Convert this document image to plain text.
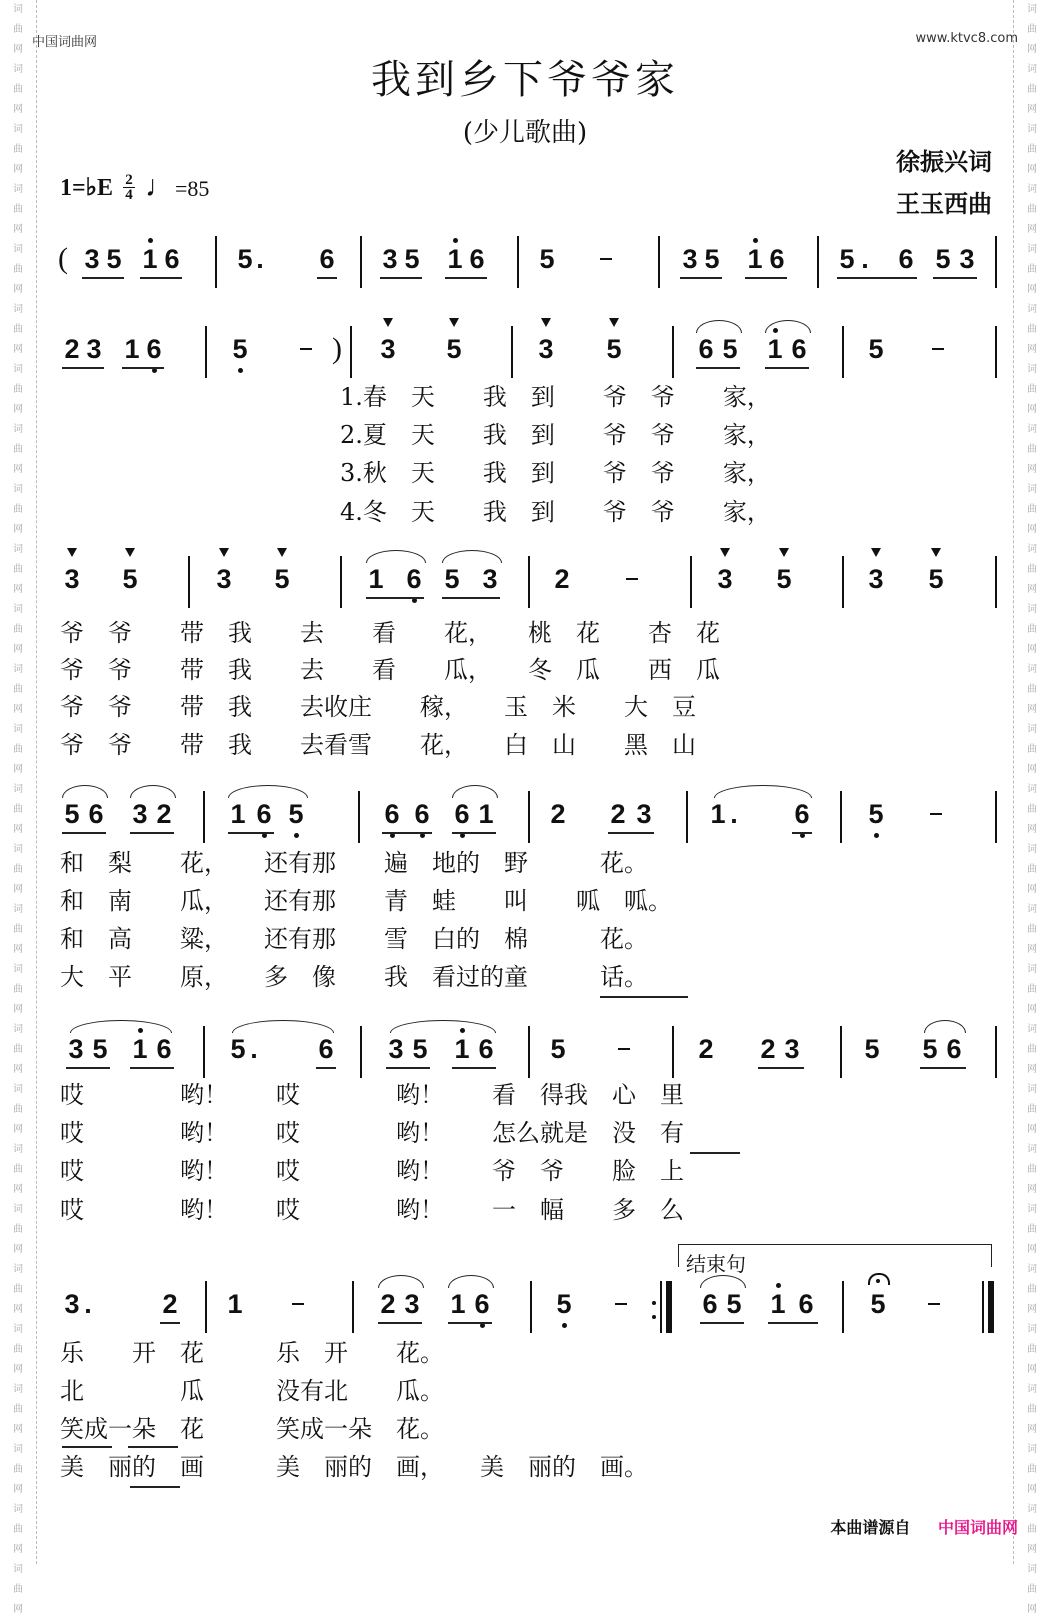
词
曲
网
词
曲
网
词
曲
网
词
曲
网
词
曲
网
词
曲
网
词
曲
网
词
曲
网
词
曲
网
词
曲
网
词
曲
网
词
曲
网
词
曲
网
词
曲
网
词
曲
网
词
曲
网
词
曲
网
词
曲
网
词
曲
网
词
曲
网
词
曲
网
词
曲
网
词
曲
网
词
曲
网
词
曲
网
词
曲
网
词
曲
网
词
曲
网
词
曲
网
词
曲
网
词
曲
网
词
曲
网
词
曲
网
词
曲
网
词
曲
网
词
曲
网
词
曲
网
词
曲
网
词
曲
网
词
曲
网
词
曲
网
词
曲
网
词
曲
网
词
曲
网
词
曲
网
词
曲
网
词
曲
网
词
曲
网
词
曲
网
词
曲
网
词
曲
网
词
曲
网
词
曲
网
词
曲
网
中国词曲网	www.ktvc8.com
我到乡下爷爷家
(少儿歌曲)
徐振兴词
王玉西曲
1=♭E $\frac{2}{4}$ ♩=85
( 3 5 1 6 5 . 6 3 5 1 6 5	3 5 1 6 5 . 6 5 3
2 3 1 6	5	) 3 5	3 5	6 5 1 6 5
3 5	3 5	1 6 5 3 2	3 5	3 5
5 6 3 2 1 6 5	6 6 6 1 2 2 3 1 . 6 5
3 5 1 6 5 . 6 3 5 1 6 5	2 2 3 5 5 6
3 .	2 1	2 3 1 6 5	6 5 1 6 5
结束句
1.春　天　　我　到　　爷　爷　　家，
2.夏　天　　我　到　　爷　爷　　家，
3.秋　天　　我　到　　爷　爷　　家，
4.冬　天　　我　到　　爷　爷　　家，
爷　爷　　带　我　　去　　看　　花，　　桃　花　　杏　花
爷　爷　　带　我　　去　　看　　瓜，　　冬　瓜　　西　瓜
爷　爷　　带　我　　去收庄　　稼，　　玉　米　　大　豆
爷　爷　　带　我　　去看雪　　花，　　白　山　　黑　山
和　梨　　花，　　还有那　　遍　地的　野　　　花。
和　南　　瓜，　　还有那　　青　蛙　　叫　　呱　呱。
和　高　　粱，　　还有那　　雪　白的　棉　　　花。
大　平　　原，　　多　像　　我　看过的童　　　话。
哎　　　　哟！　　哎　　　　哟！　　看　得我　心　里
哎　　　　哟！　　哎　　　　哟！　　怎么就是　没　有
哎　　　　哟！　　哎　　　　哟！　　爷　爷　　脸　上
哎　　　　哟！　　哎　　　　哟！　　一　幅　　多　么
乐　　开　花　　　乐　开　　花。
北　　　　瓜　　　没有北　　瓜。
笑成一朵　花　　　笑成一朵　花。
美　丽的　画　　　美　丽的　画，　　美　丽的　画。
本曲谱源自 中国词曲网
